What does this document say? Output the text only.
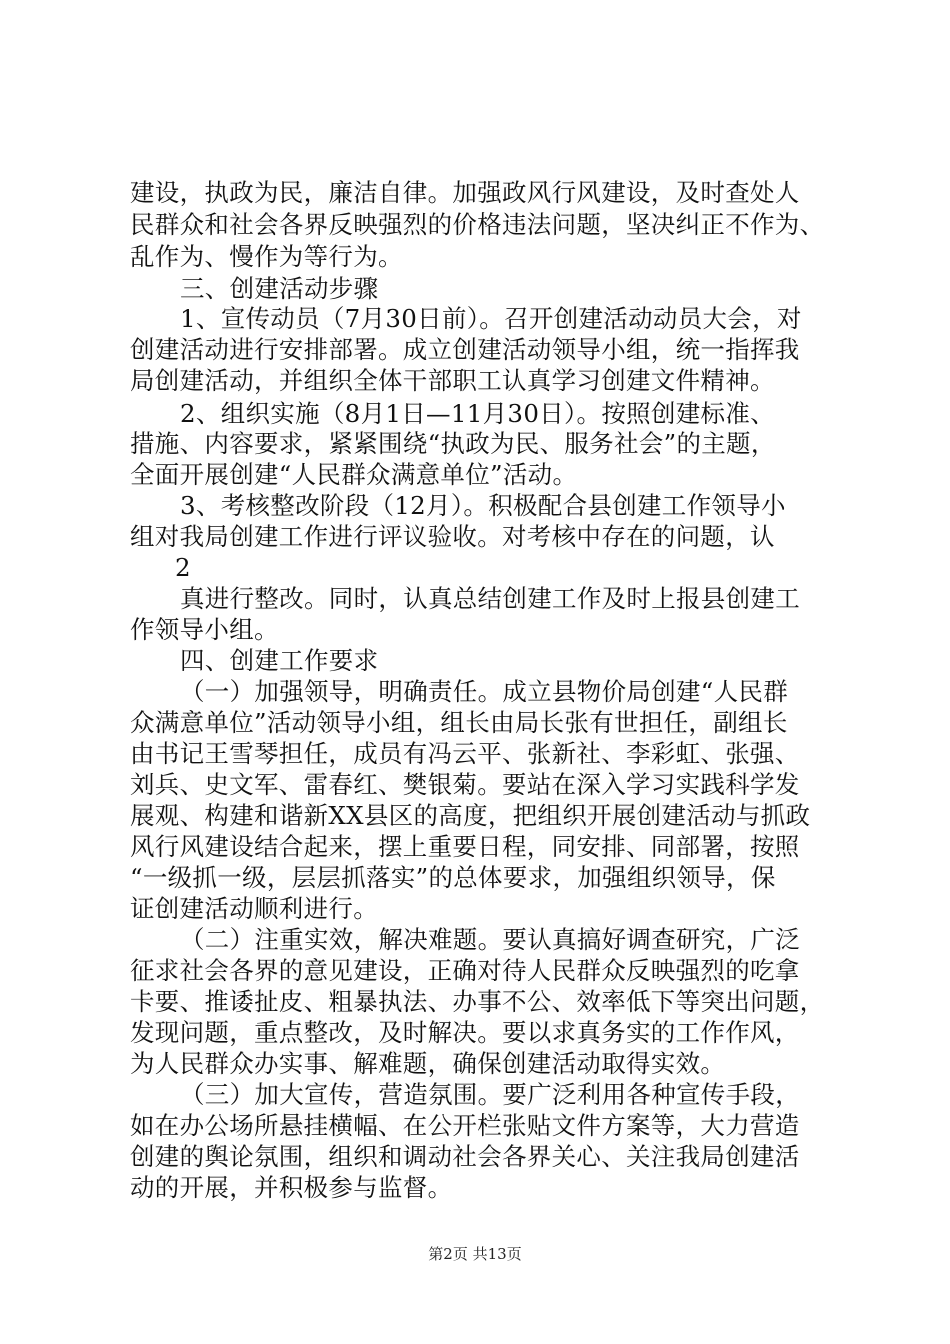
建设，执政为民，廉洁自律。加强政风行风建设，及时查处人
民群众和社会各界反映强烈的价格违法问题，坚决纠正不作为、
乱作为、慢作为等行为。
三、创建活动步骤
1、宣传动员（7月30日前）。召开创建活动动员大会，对
创建活动进行安排部署。成立创建活动领导小组，统一指挥我
局创建活动，并组织全体干部职工认真学习创建文件精神。
2、组织实施（8月1日—11月30日）。按照创建标准、
措施、内容要求，紧紧围绕“执政为民、服务社会”的主题，
全面开展创建“人民群众满意单位”活动。
3、考核整改阶段（12月）。积极配合县创建工作领导小
组对我局创建工作进行评议验收。对考核中存在的问题，认
2
真进行整改。同时，认真总结创建工作及时上报县创建工
作领导小组。
四、创建工作要求
（一）加强领导，明确责任。成立县物价局创建“人民群
众满意单位”活动领导小组，组长由局长张有世担任，副组长
由书记王雪琴担任，成员有冯云平、张新社、李彩虹、张强、
刘兵、史文军、雷春红、樊银菊。要站在深入学习实践科学发
展观、构建和谐新XX县区的高度，把组织开展创建活动与抓政
风行风建设结合起来，摆上重要日程，同安排、同部署，按照
“一级抓一级，层层抓落实”的总体要求，加强组织领导，保
证创建活动顺利进行。
（二）注重实效，解决难题。要认真搞好调查研究，广泛
征求社会各界的意见建设，正确对待人民群众反映强烈的吃拿
卡要、推诿扯皮、粗暴执法、办事不公、效率低下等突出问题，
发现问题，重点整改，及时解决。要以求真务实的工作作风，
为人民群众办实事、解难题，确保创建活动取得实效。
（三）加大宣传，营造氛围。要广泛利用各种宣传手段，
如在办公场所悬挂横幅、在公开栏张贴文件方案等，大力营造
创建的舆论氛围，组织和调动社会各界关心、关注我局创建活
动的开展，并积极参与监督。
第2页 共13页
